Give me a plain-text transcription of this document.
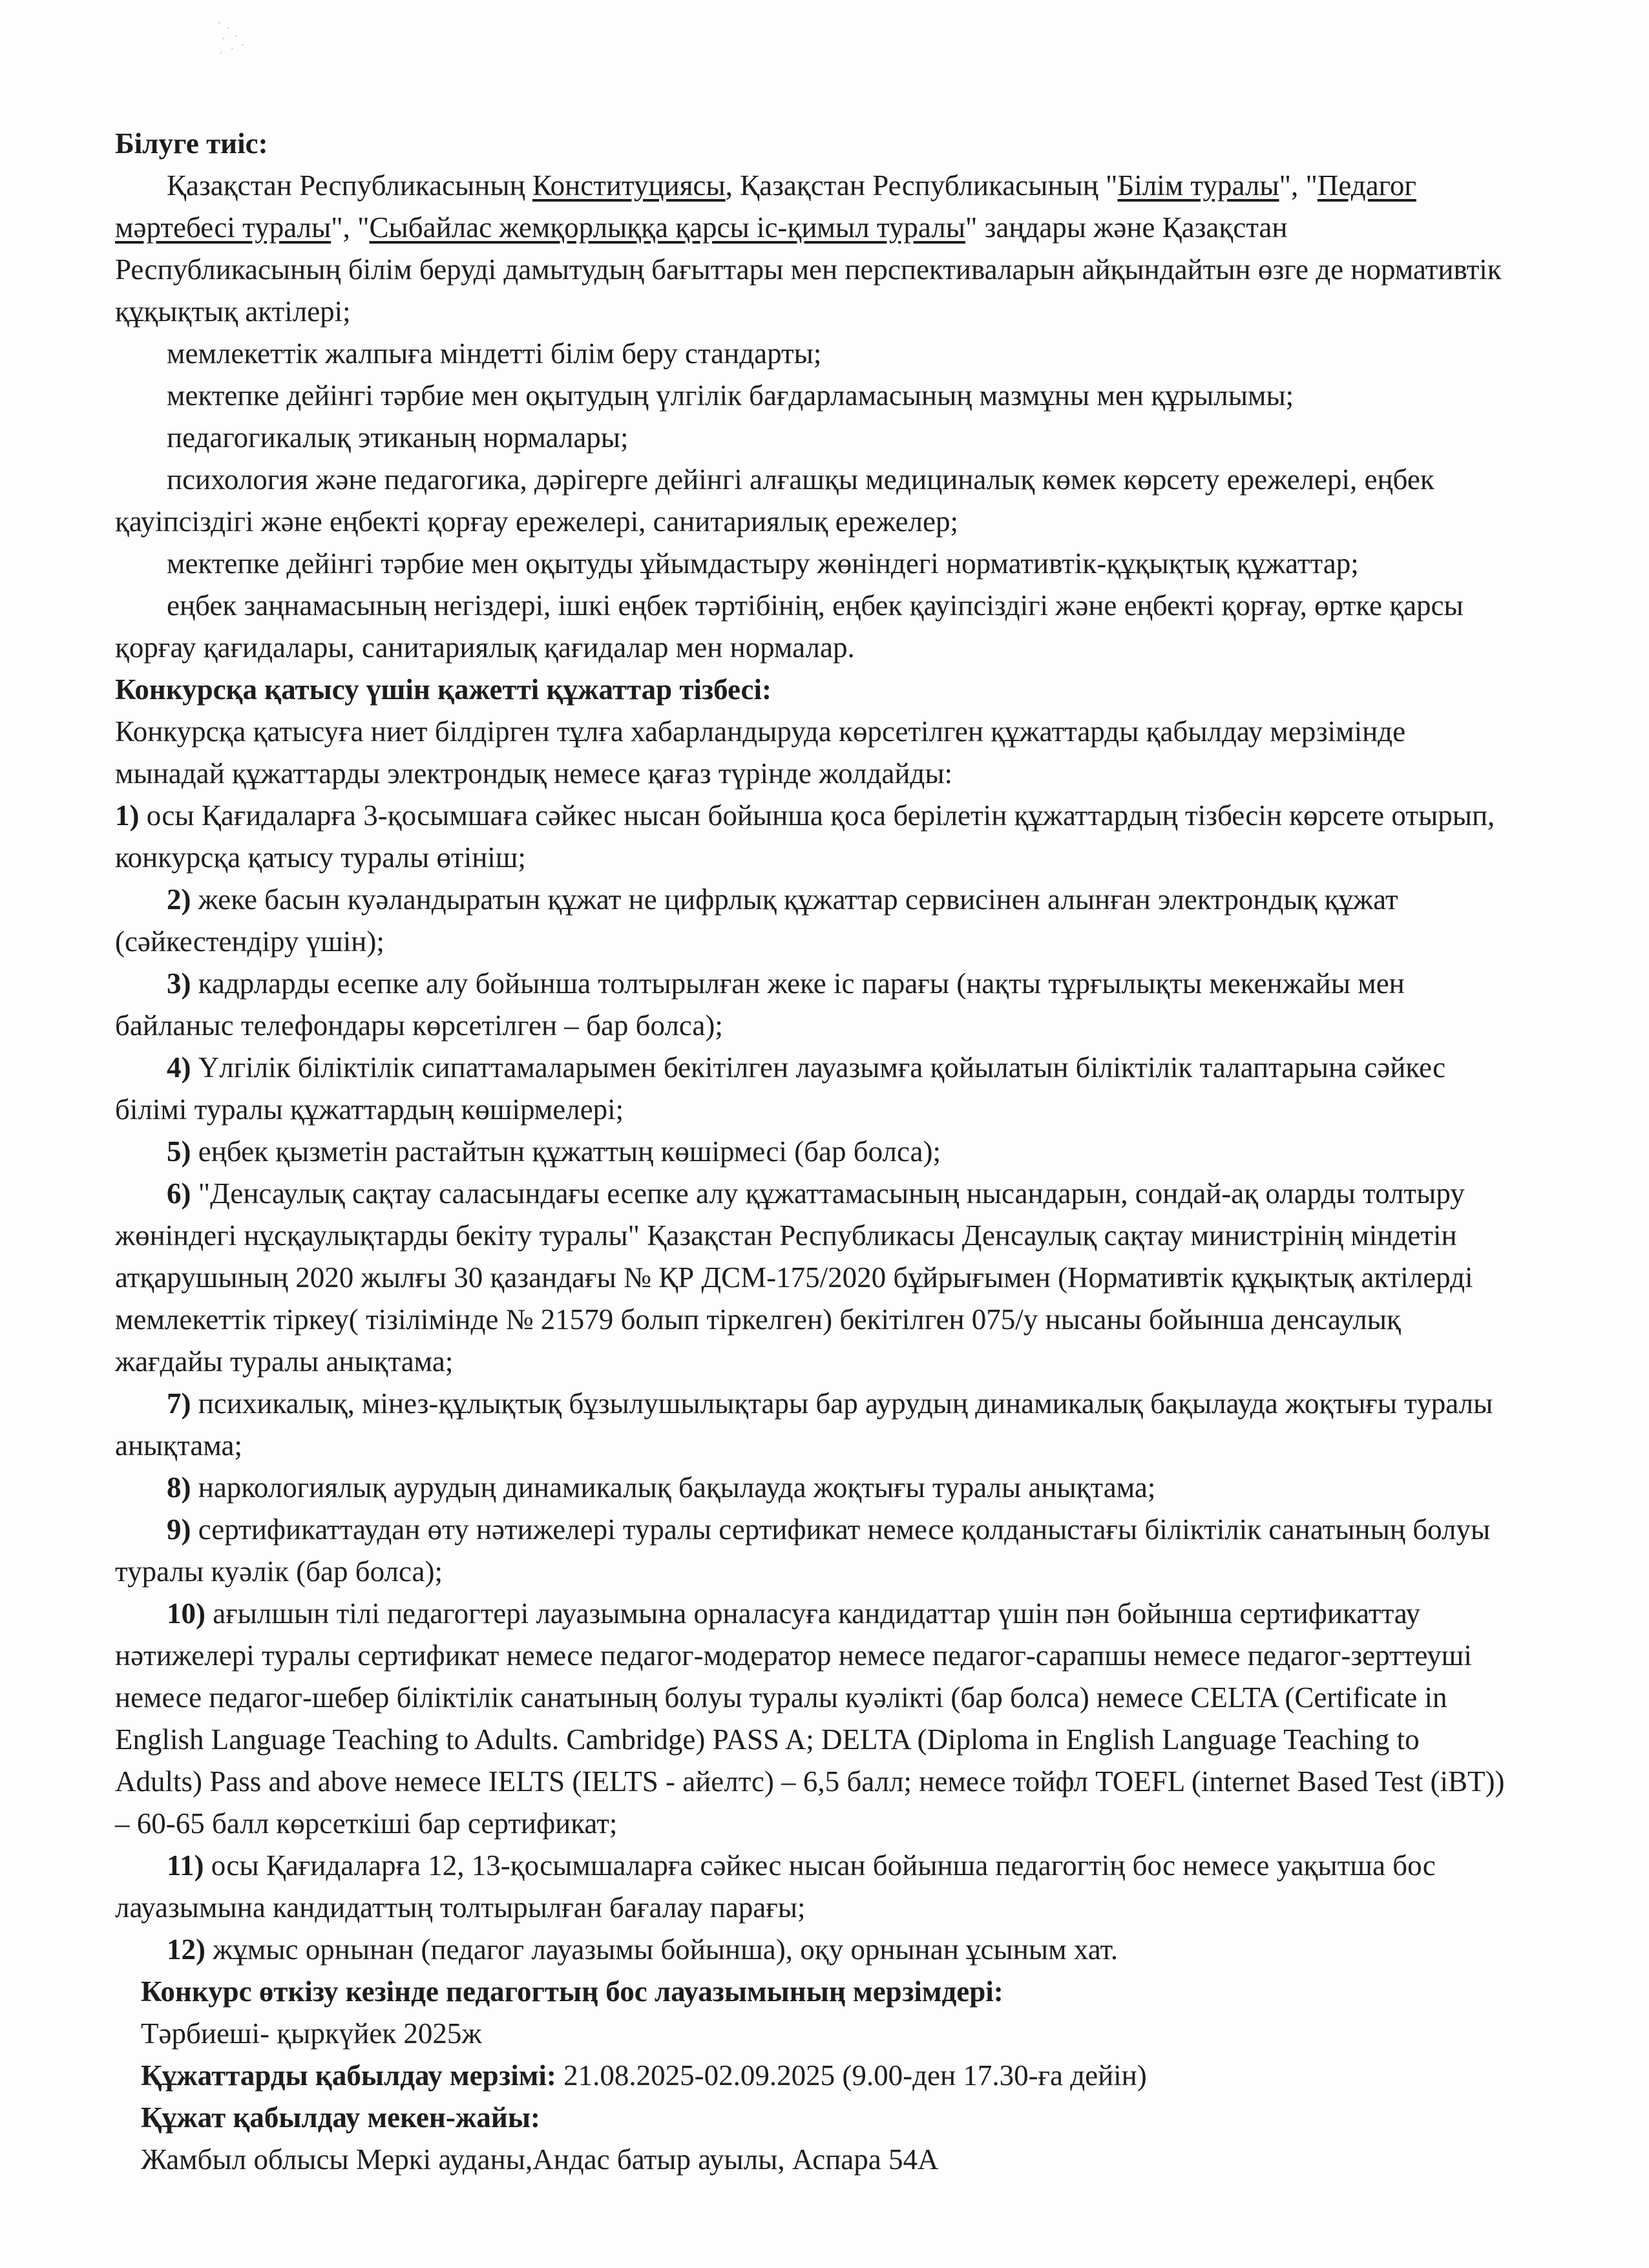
Білуге тиіс:

Қазақстан Республикасының Конституциясы, Қазақстан Республикасының "Білім туралы", "Педагог мәртебесі туралы", "Сыбайлас жемқорлыққа қарсы іс-қимыл туралы" заңдары және Қазақстан Республикасының білім беруді дамытудың бағыттары мен перспективаларын айқындайтын өзге де нормативтік құқықтық актілері;

мемлекеттік жалпыға міндетті білім беру стандарты;

мектепке дейінгі тәрбие мен оқытудың үлгілік бағдарламасының мазмұны мен құрылымы;

педагогикалық этиканың нормалары;

психология және педагогика, дәрігерге дейінгі алғашқы медициналық көмек көрсету ережелері, еңбек қауіпсіздігі және еңбекті қорғау ережелері, санитариялық ережелер;

мектепке дейінгі тәрбие мен оқытуды ұйымдастыру жөніндегі нормативтік-құқықтық құжаттар;

еңбек заңнамасының негіздері, ішкі еңбек тәртібінің, еңбек қауіпсіздігі және еңбекті қорғау, өртке қарсы қорғау қағидалары, санитариялық қағидалар мен нормалар.

Конкурсқа қатысу үшін қажетті құжаттар тізбесі:

Конкурсқа қатысуға ниет білдірген тұлға хабарландыруда көрсетілген құжаттарды қабылдау мерзімінде мынадай құжаттарды электрондық немесе қағаз түрінде жолдайды:

1) осы Қағидаларға 3-қосымшаға сәйкес нысан бойынша қоса берілетін құжаттардың тізбесін көрсете отырып, конкурсқа қатысу туралы өтініш;

2) жеке басын куәландыратын құжат не цифрлық құжаттар сервисінен алынған электрондық құжат (сәйкестендіру үшін);

3) кадрларды есепке алу бойынша толтырылған жеке іс парағы (нақты тұрғылықты мекенжайы мен байланыс телефондары көрсетілген – бар болса);

4) Үлгілік біліктілік сипаттамаларымен бекітілген лауазымға қойылатын біліктілік талаптарына сәйкес білімі туралы құжаттардың көшірмелері;

5) еңбек қызметін растайтын құжаттың көшірмесі (бар болса);

6) "Денсаулық сақтау саласындағы есепке алу құжаттамасының нысандарын, сондай-ақ оларды толтыру жөніндегі нұсқаулықтарды бекіту туралы" Қазақстан Республикасы Денсаулық сақтау министрінің міндетін атқарушының 2020 жылғы 30 қазандағы № ҚР ДСМ-175/2020 бұйрығымен (Нормативтік құқықтық актілерді мемлекеттік тіркеу( тізілімінде № 21579 болып тіркелген) бекітілген 075/у нысаны бойынша денсаулық жағдайы туралы анықтама;

7) психикалық, мінез-құлықтық бұзылушылықтары бар аурудың динамикалық бақылауда жоқтығы туралы анықтама;

8) наркологиялық аурудың динамикалық бақылауда жоқтығы туралы анықтама;

9) сертификаттаудан өту нәтижелері туралы сертификат немесе қолданыстағы біліктілік санатының болуы туралы куәлік (бар болса);

10) ағылшын тілі педагогтері лауазымына орналасуға кандидаттар үшін пән бойынша сертификаттау нәтижелері туралы сертификат немесе педагог-модератор немесе педагог-сарапшы немесе педагог-зерттеуші немесе педагог-шебер біліктілік санатының болуы туралы куәлікті (бар болса) немесе CELTA (Certificate in English Language Teaching to Adults. Cambridge) PASS A; DELTA (Diploma in English Language Teaching to Adults) Pass and above немесе IELTS (IELTS - айелтс) – 6,5 балл; немесе тойфл TOEFL (internet Based Test (iBT)) – 60-65 балл көрсеткіші бар сертификат;

11) осы Қағидаларға 12, 13-қосымшаларға сәйкес нысан бойынша педагогтің бос немесе уақытша бос лауазымына кандидаттың толтырылған бағалау парағы;

12) жұмыс орнынан (педагог лауазымы бойынша), оқу орнынан ұсыным хат.

Конкурс өткізу кезінде педагогтың бос лауазымының мерзімдері:

Тәрбиеші- қыркүйек 2025ж

Құжаттарды қабылдау мерзімі: 21.08.2025-02.09.2025 (9.00-ден 17.30-ға дейін)

Құжат қабылдау мекен-жайы:

Жамбыл облысы Меркі ауданы,Андас батыр ауылы, Аспара 54А
